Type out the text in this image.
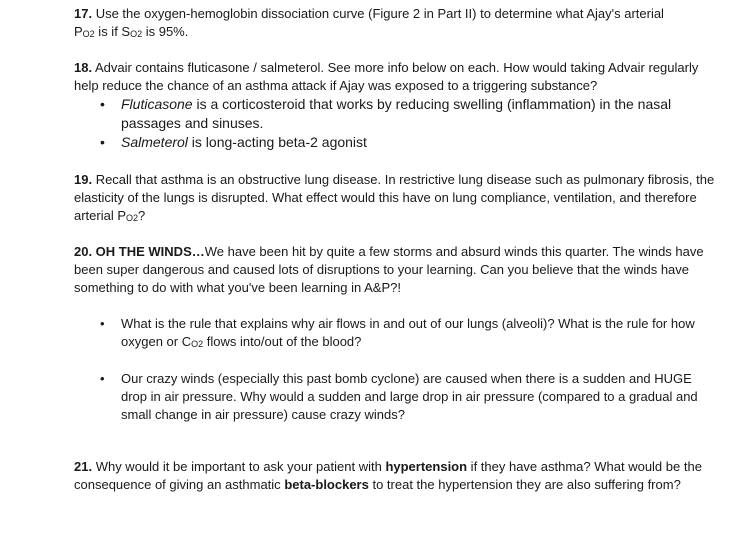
17. Use the oxygen-hemoglobin dissociation curve (Figure 2 in Part II) to determine what Ajay's arterial
PO2 is if SO2 is 95%.
18. Advair contains fluticasone / salmeterol. See more info below on each. How would taking Advair regularly help reduce the chance of an asthma attack if Ajay was exposed to a triggering substance?
• Fluticasone is a corticosteroid that works by reducing swelling (inflammation) in the nasal passages and sinuses.
• Salmeterol is long-acting beta-2 agonist
19. Recall that asthma is an obstructive lung disease. In restrictive lung disease such as pulmonary fibrosis, the elasticity of the lungs is disrupted. What effect would this have on lung compliance, ventilation, and therefore arterial PO2?
20. OH THE WINDS…We have been hit by quite a few storms and absurd winds this quarter. The winds have been super dangerous and caused lots of disruptions to your learning. Can you believe that the winds have something to do with what you've been learning in A&P?!
• What is the rule that explains why air flows in and out of our lungs (alveoli)? What is the rule for how oxygen or CO2 flows into/out of the blood?
• Our crazy winds (especially this past bomb cyclone) are caused when there is a sudden and HUGE drop in air pressure. Why would a sudden and large drop in air pressure (compared to a gradual and small change in air pressure) cause crazy winds?
21. Why would it be important to ask your patient with hypertension if they have asthma? What would be the consequence of giving an asthmatic beta-blockers to treat the hypertension they are also suffering from?
